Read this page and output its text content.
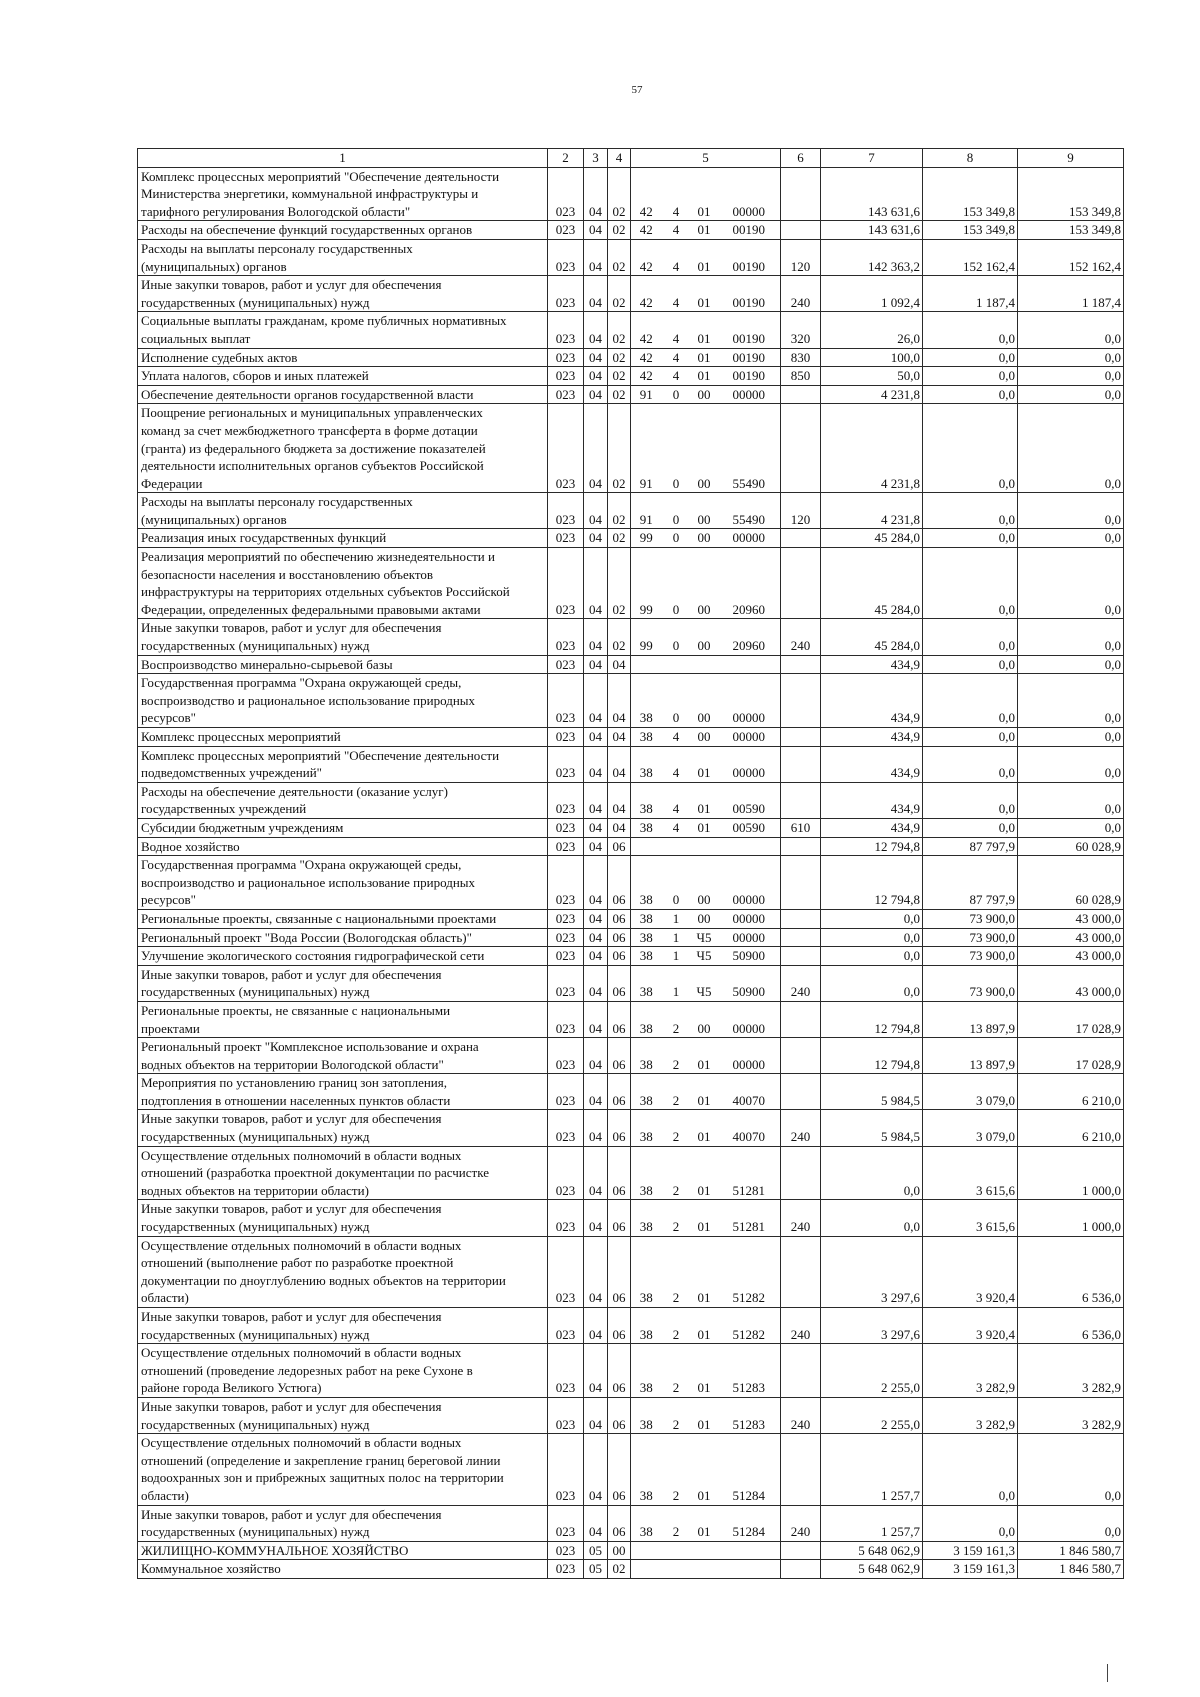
57
1	2	3	4	5				6	7	8	9

Комплекс процессных мероприятий "Обеспечение деятельности
Министерства энергетики, коммунальной инфраструктуры и
тарифного регулирования Вологодской области"	023	04	02	42	4	01	00000		143 631,6	153 349,8	153 349,8

Расходы на обеспечение функций государственных органов	023	04	02	42	4	01	00190		143 631,6	153 349,8	153 349,8

Расходы на выплаты персоналу государственных
(муниципальных) органов	023	04	02	42	4	01	00190	120	142 363,2	152 162,4	152 162,4

Иные закупки товаров, работ и услуг для обеспечения
государственных (муниципальных) нужд	023	04	02	42	4	01	00190	240	1 092,4	1 187,4	1 187,4

Социальные выплаты гражданам, кроме публичных нормативных
социальных выплат	023	04	02	42	4	01	00190	320	26,0	0,0	0,0

Исполнение судебных актов	023	04	02	42	4	01	00190	830	100,0	0,0	0,0

Уплата налогов, сборов и иных платежей	023	04	02	42	4	01	00190	850	50,0	0,0	0,0

Обеспечение деятельности органов государственной власти	023	04	02	91	0	00	00000		4 231,8	0,0	0,0

Поощрение региональных и муниципальных управленческих
команд за счет межбюджетного трансферта в форме дотации
(гранта) из федерального бюджета за достижение показателей
деятельности исполнительных органов субъектов Российской
Федерации	023	04	02	91	0	00	55490		4 231,8	0,0	0,0

Расходы на выплаты персоналу государственных
(муниципальных) органов	023	04	02	91	0	00	55490	120	4 231,8	0,0	0,0

Реализация иных государственных функций	023	04	02	99	0	00	00000		45 284,0	0,0	0,0

Реализация мероприятий по обеспечению жизнедеятельности и
безопасности населения и восстановлению объектов
инфраструктуры на территориях отдельных субъектов Российской
Федерации, определенных федеральными правовыми актами	023	04	02	99	0	00	20960		45 284,0	0,0	0,0

Иные закупки товаров, работ и услуг для обеспечения
государственных (муниципальных) нужд	023	04	02	99	0	00	20960	240	45 284,0	0,0	0,0

Воспроизводство минерально-сырьевой базы	023	04	04						434,9	0,0	0,0

Государственная программа "Охрана окружающей среды,
воспроизводство и рациональное использование природных
ресурсов"	023	04	04	38	0	00	00000		434,9	0,0	0,0

Комплекс процессных мероприятий	023	04	04	38	4	00	00000		434,9	0,0	0,0

Комплекс процессных мероприятий "Обеспечение деятельности
подведомственных учреждений"	023	04	04	38	4	01	00000		434,9	0,0	0,0

Расходы на обеспечение деятельности (оказание услуг)
государственных учреждений	023	04	04	38	4	01	00590		434,9	0,0	0,0

Субсидии бюджетным учреждениям	023	04	04	38	4	01	00590	610	434,9	0,0	0,0

Водное хозяйство	023	04	06						12 794,8	87 797,9	60 028,9

Государственная программа "Охрана окружающей среды,
воспроизводство и рациональное использование природных
ресурсов"	023	04	06	38	0	00	00000		12 794,8	87 797,9	60 028,9

Региональные проекты, связанные с национальными проектами	023	04	06	38	1	00	00000		0,0	73 900,0	43 000,0

Региональный проект "Вода России (Вологодская область)"	023	04	06	38	1	Ч5	00000		0,0	73 900,0	43 000,0

Улучшение экологического состояния гидрографической сети	023	04	06	38	1	Ч5	50900		0,0	73 900,0	43 000,0

Иные закупки товаров, работ и услуг для обеспечения
государственных (муниципальных) нужд	023	04	06	38	1	Ч5	50900	240	0,0	73 900,0	43 000,0

Региональные проекты, не связанные с национальными
проектами	023	04	06	38	2	00	00000		12 794,8	13 897,9	17 028,9

Региональный проект "Комплексное использование и охрана
водных объектов на территории Вологодской области"	023	04	06	38	2	01	00000		12 794,8	13 897,9	17 028,9

Мероприятия по установлению границ зон затопления,
подтопления в отношении населенных пунктов области	023	04	06	38	2	01	40070		5 984,5	3 079,0	6 210,0

Иные закупки товаров, работ и услуг для обеспечения
государственных (муниципальных) нужд	023	04	06	38	2	01	40070	240	5 984,5	3 079,0	6 210,0

Осуществление отдельных полномочий в области водных
отношений (разработка проектной документации по расчистке
водных объектов на территории области)	023	04	06	38	2	01	51281		0,0	3 615,6	1 000,0

Иные закупки товаров, работ и услуг для обеспечения
государственных (муниципальных) нужд	023	04	06	38	2	01	51281	240	0,0	3 615,6	1 000,0

Осуществление отдельных полномочий в области водных
отношений (выполнение работ по разработке проектной
документации по дноуглублению водных объектов на территории
области)	023	04	06	38	2	01	51282		3 297,6	3 920,4	6 536,0

Иные закупки товаров, работ и услуг для обеспечения
государственных (муниципальных) нужд	023	04	06	38	2	01	51282	240	3 297,6	3 920,4	6 536,0

Осуществление отдельных полномочий в области водных
отношений (проведение ледорезных работ на реке Сухоне в
районе города Великого Устюга)	023	04	06	38	2	01	51283		2 255,0	3 282,9	3 282,9

Иные закупки товаров, работ и услуг для обеспечения
государственных (муниципальных) нужд	023	04	06	38	2	01	51283	240	2 255,0	3 282,9	3 282,9

Осуществление отдельных полномочий в области водных
отношений (определение и закрепление границ береговой линии
водоохранных зон и прибрежных защитных полос на территории
области)	023	04	06	38	2	01	51284		1 257,7	0,0	0,0

Иные закупки товаров, работ и услуг для обеспечения
государственных (муниципальных) нужд	023	04	06	38	2	01	51284	240	1 257,7	0,0	0,0

ЖИЛИЩНО-КОММУНАЛЬНОЕ ХОЗЯЙСТВО	023	05	00						5 648 062,9	3 159 161,3	1 846 580,7

Коммунальное хозяйство	023	05	02						5 648 062,9	3 159 161,3	1 846 580,7
